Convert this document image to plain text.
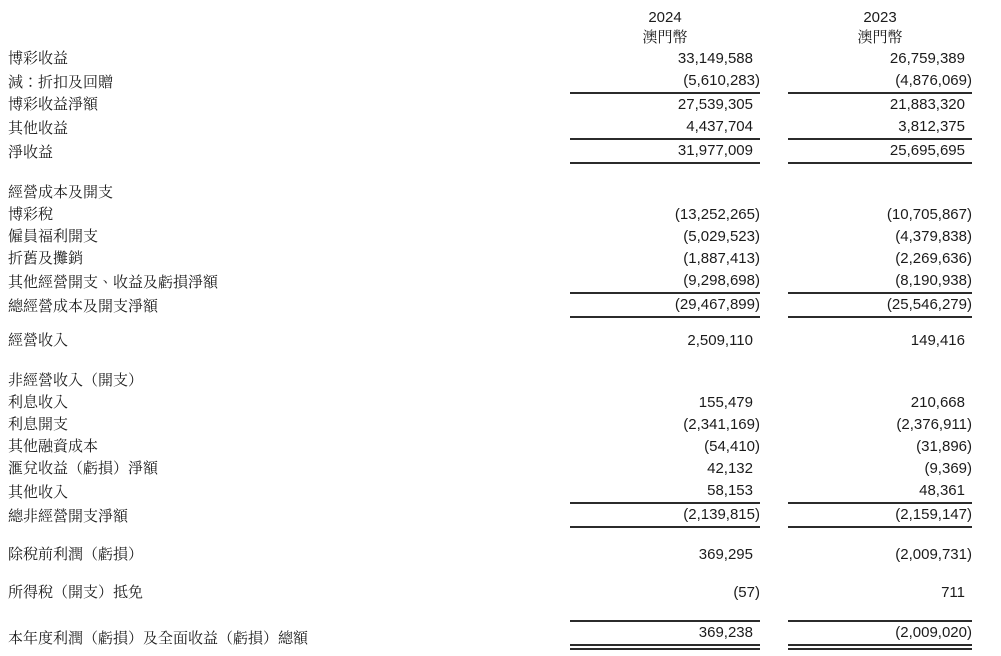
2024	2023
澳門幣	澳門幣
博彩收益	33,149,588	26,759,389
減：折扣及回贈	(5,610,283)	(4,876,069)
博彩收益淨額	27,539,305	21,883,320
其他收益	4,437,704	3,812,375
淨收益	31,977,009	25,695,695
經營成本及開支
博彩稅	(13,252,265)	(10,705,867)
僱員福利開支	(5,029,523)	(4,379,838)
折舊及攤銷	(1,887,413)	(2,269,636)
其他經營開支、收益及虧損淨額	(9,298,698)	(8,190,938)
總經營成本及開支淨額	(29,467,899)	(25,546,279)
經營收入	2,509,110	149,416
非經營收入（開支）
利息收入	155,479	210,668
利息開支	(2,341,169)	(2,376,911)
其他融資成本	(54,410)	(31,896)
滙兌收益（虧損）淨額	42,132	(9,369)
其他收入	58,153	48,361
總非經營開支淨額	(2,139,815)	(2,159,147)
除稅前利潤（虧損）	369,295	(2,009,731)
所得稅（開支）抵免	(57)	711
本年度利潤（虧損）及全面收益（虧損）總額	369,238	(2,009,020)
